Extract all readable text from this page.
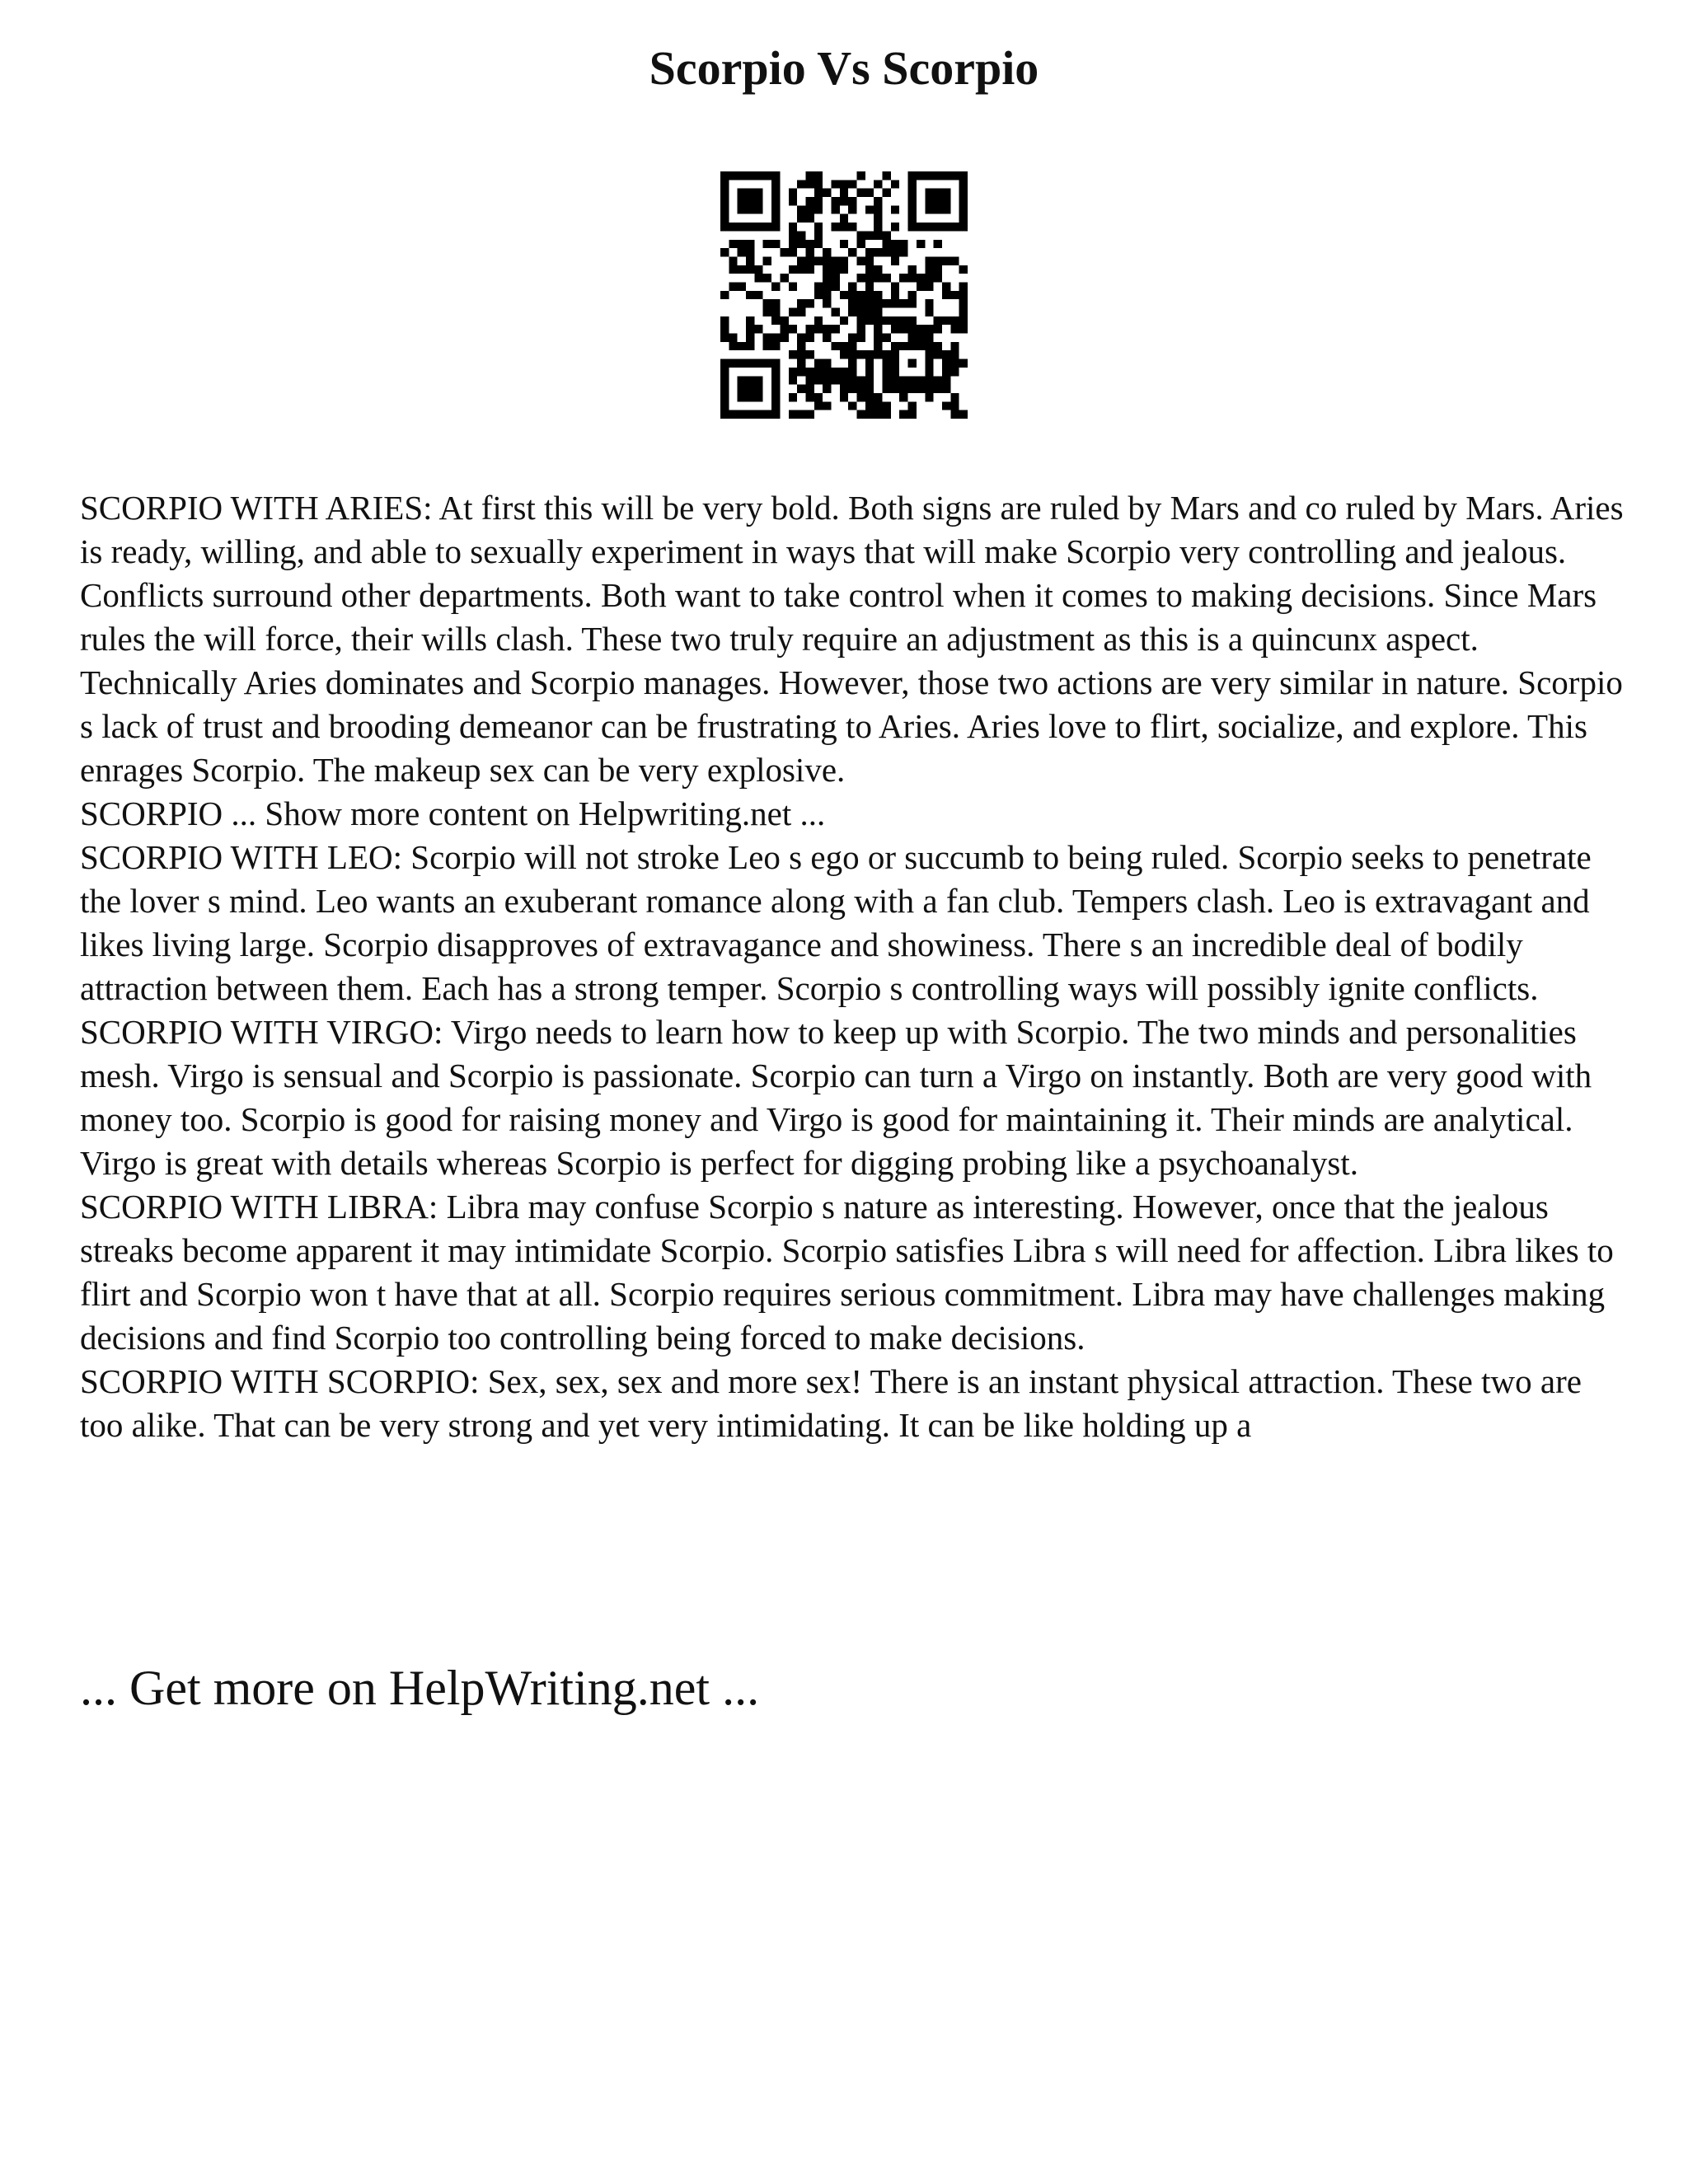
Scorpio Vs Scorpio

SCORPIO WITH ARIES: At first this will be very bold. Both signs are ruled by Mars and co ruled by Mars. Aries is ready, willing, and able to sexually experiment in ways that will make Scorpio very controlling and jealous. Conflicts surround other departments. Both want to take control when it comes to making decisions. Since Mars rules the will force, their wills clash. These two truly require an adjustment as this is a quincunx aspect. Technically Aries dominates and Scorpio manages. However, those two actions are very similar in nature. Scorpio s lack of trust and brooding demeanor can be frustrating to Aries. Aries love to flirt, socialize, and explore. This enrages Scorpio. The makeup sex can be very explosive.

SCORPIO ... Show more content on Helpwriting.net ...

SCORPIO WITH LEO: Scorpio will not stroke Leo s ego or succumb to being ruled. Scorpio seeks to penetrate the lover s mind. Leo wants an exuberant romance along with a fan club. Tempers clash. Leo is extravagant and likes living large. Scorpio disapproves of extravagance and showiness. There s an incredible deal of bodily attraction between them. Each has a strong temper. Scorpio s controlling ways will possibly ignite conflicts.

SCORPIO WITH VIRGO: Virgo needs to learn how to keep up with Scorpio. The two minds and personalities mesh. Virgo is sensual and Scorpio is passionate. Scorpio can turn a Virgo on instantly. Both are very good with money too. Scorpio is good for raising money and Virgo is good for maintaining it. Their minds are analytical. Virgo is great with details whereas Scorpio is perfect for digging probing like a psychoanalyst.

SCORPIO WITH LIBRA: Libra may confuse Scorpio s nature as interesting. However, once that the jealous streaks become apparent it may intimidate Scorpio. Scorpio satisfies Libra s will need for affection. Libra likes to flirt and Scorpio won t have that at all. Scorpio requires serious commitment. Libra may have challenges making decisions and find Scorpio too controlling being forced to make decisions.

SCORPIO WITH SCORPIO: Sex, sex, sex and more sex! There is an instant physical attraction. These two are too alike. That can be very strong and yet very intimidating. It can be like holding up a

... Get more on HelpWriting.net ...
